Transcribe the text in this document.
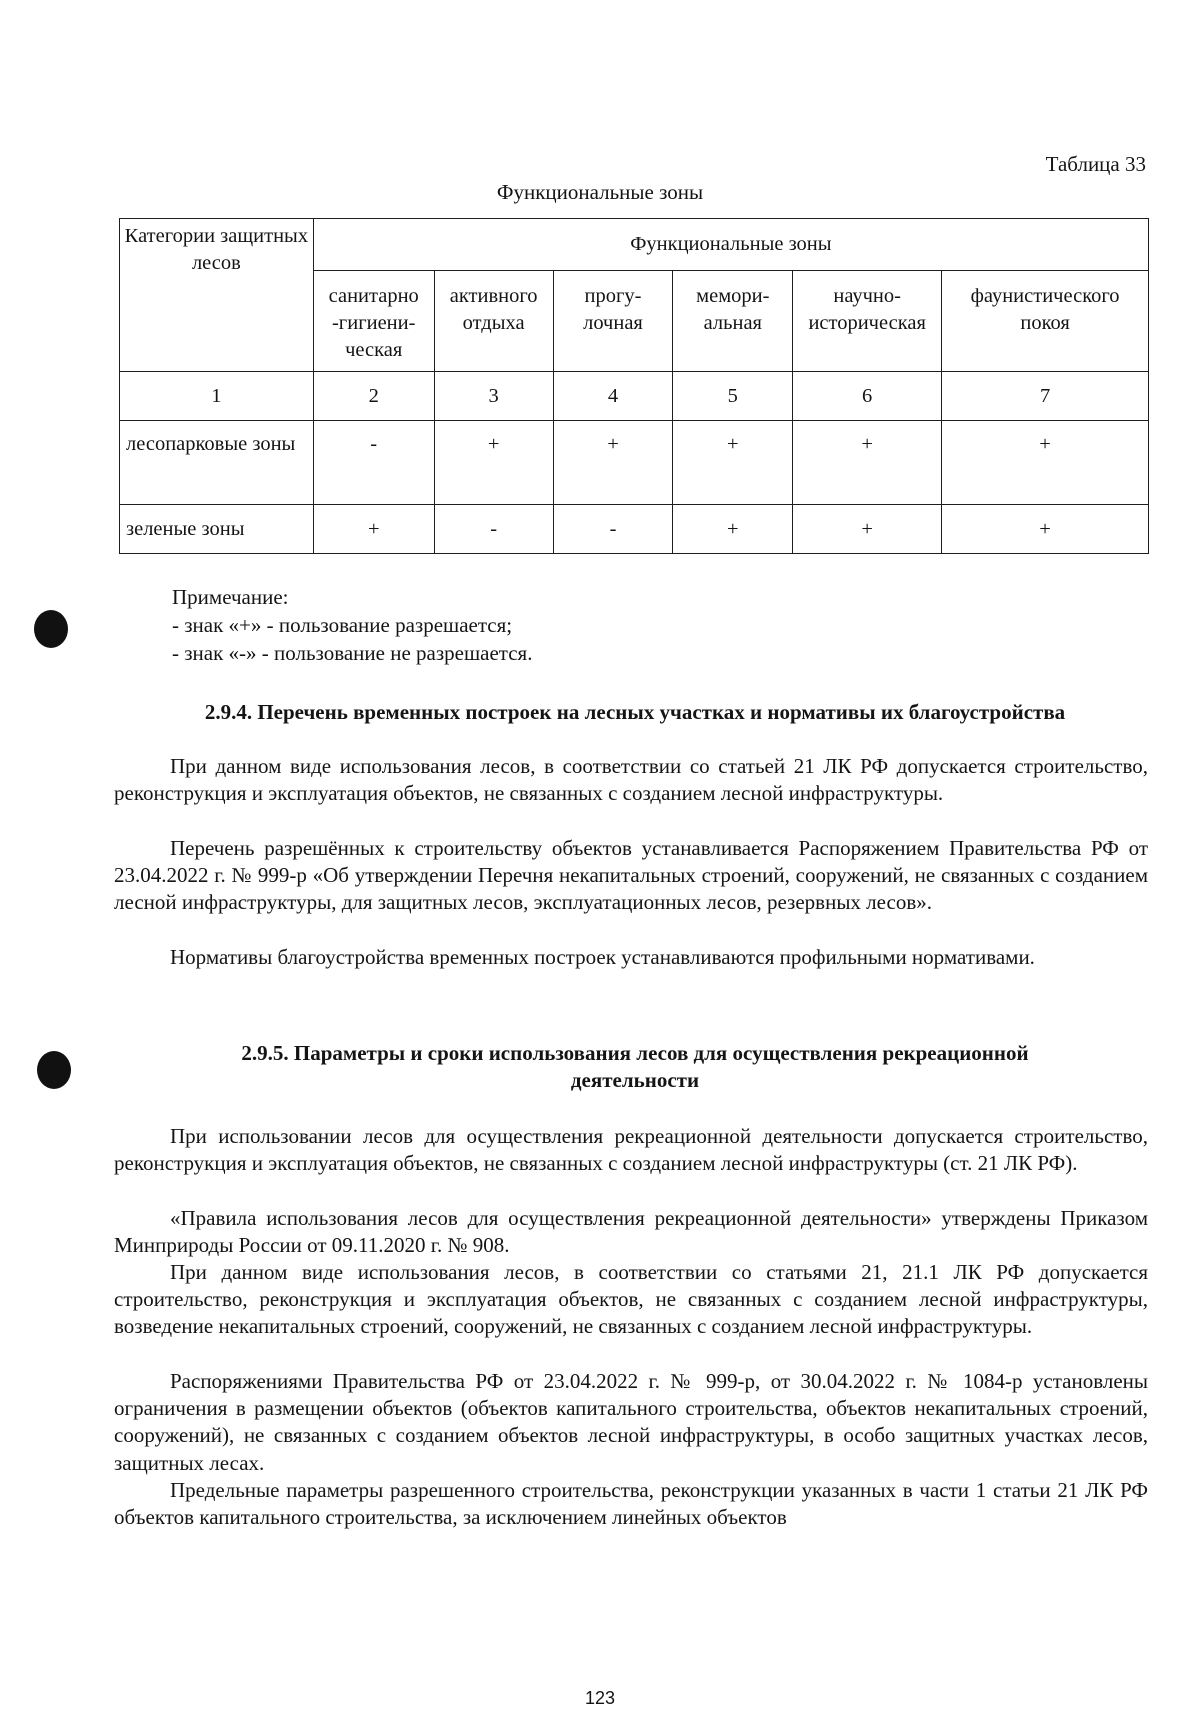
Таблица 33
Функциональные зоны
Категории защитных лесов	Функциональные зоны					
	санитарно -гигиени-ческая	активного отдыха	прогу-лочная	мемори-альная	научно-историческая	фаунистического покоя
1	2	3	4	5	6	7
лесопарковые зоны	-	+	+	+	+	+
зеленые зоны	+	-	-	+	+	+
Примечание:
- знак «+» - пользование разрешается;
- знак «-» - пользование не разрешается.
2.9.4. Перечень временных построек на лесных участках и нормативы их благоустройства

При данном виде использования лесов, в соответствии со статьей 21 ЛК РФ допускается строительство, реконструкция и эксплуатация объектов, не связанных с созданием лесной инфраструктуры.

Перечень разрешённых к строительству объектов устанавливается Распоряжением Правительства РФ от 23.04.2022 г. № 999-р «Об утверждении Перечня некапитальных строений, сооружений, не связанных с созданием лесной инфраструктуры, для защитных лесов, эксплуатационных лесов, резервных лесов».

Нормативы благоустройства временных построек устанавливаются профильными нормативами.

2.9.5. Параметры и сроки использования лесов для осуществления рекреационной
деятельности

При использовании лесов для осуществления рекреационной деятельности допускается строительство, реконструкция и эксплуатация объектов, не связанных с созданием лесной инфраструктуры (ст. 21 ЛК РФ).

«Правила использования лесов для осуществления рекреационной деятельности» утверждены Приказом Минприроды России от 09.11.2020 г. № 908.

При данном виде использования лесов, в соответствии со статьями 21, 21.1 ЛК РФ допускается строительство, реконструкция и эксплуатация объектов, не связанных с созданием лесной инфраструктуры, возведение некапитальных строений, сооружений, не связанных с созданием лесной инфраструктуры.

Распоряжениями Правительства РФ от 23.04.2022 г. № 999-р, от 30.04.2022 г. № 1084-р установлены ограничения в размещении объектов (объектов капитального строительства, объектов некапитальных строений, сооружений), не связанных с созданием объектов лесной инфраструктуры, в особо защитных участках лесов, защитных лесах.

Предельные параметры разрешенного строительства, реконструкции указанных в части 1 статьи 21 ЛК РФ объектов капитального строительства, за исключением линейных объектов

123
